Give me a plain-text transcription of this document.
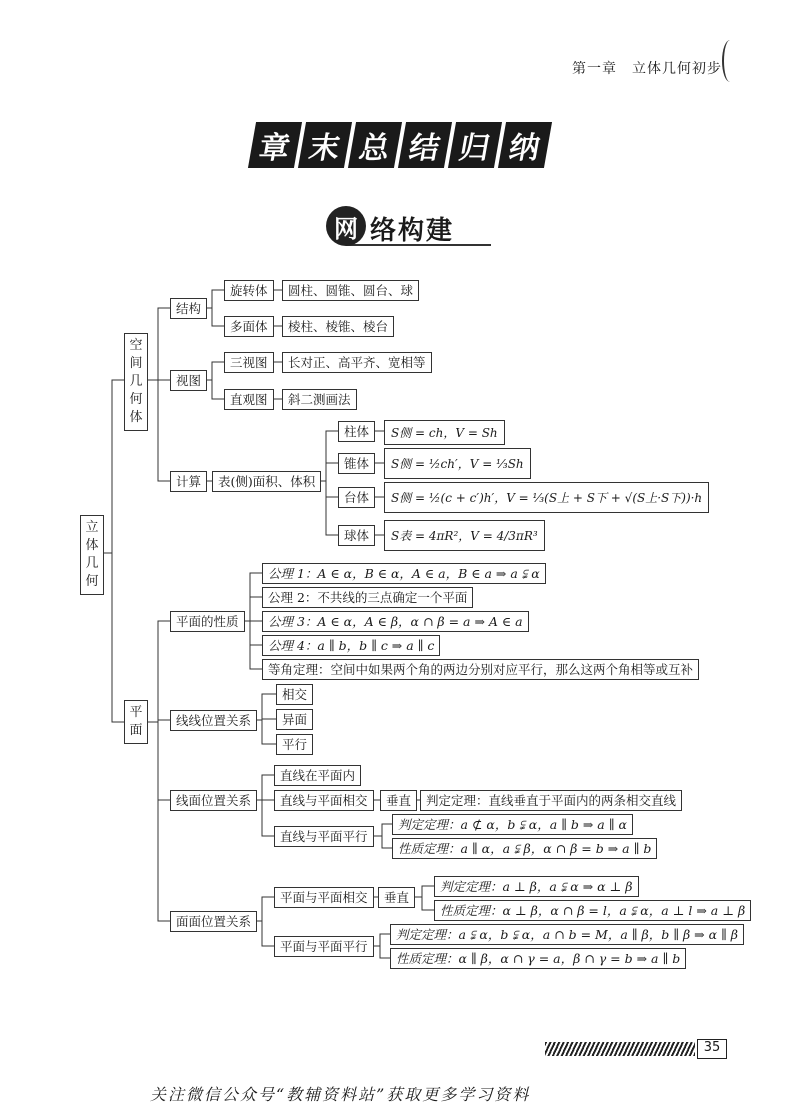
第一章　立体几何初步
章 末 总 结 归 纳
网 络构建
立体几何
空间几何体
结构
旋转体	圆柱、圆锥、圆台、球
多面体	棱柱、棱锥、棱台
视图
三视图	长对正、高平齐、宽相等
直观图	斜二测画法
计算	表(侧)面积、体积
柱体	S侧 = ch，V = Sh
锥体	S侧 = ½ch′，V = ⅓Sh
台体	S侧 = ½(c + c′)h′，V = ⅓(S上 + S下 + √(S上·S下))·h
球体	S表 = 4πR²，V = 4/3πR³
平面
平面的性质
公理 1：A ∈ α，B ∈ α，A ∈ a，B ∈ a ⇒ a ⫋ α
公理 2：不共线的三点确定一个平面
公理 3：A ∈ α，A ∈ β，α ∩ β = a ⇒ A ∈ a
公理 4：a ∥ b，b ∥ c ⇒ a ∥ c
等角定理：空间中如果两个角的两边分别对应平行，那么这两个角相等或互补
线线位置关系
相交
异面
平行
线面位置关系
直线在平面内
直线与平面相交	垂直	判定定理：直线垂直于平面内的两条相交直线
直线与平面平行
判定定理：a ⊄ α，b ⫋ α，a ∥ b ⇒ a ∥ α
性质定理：a ∥ α，a ⫋ β，α ∩ β = b ⇒ a ∥ b
面面位置关系
平面与平面相交	垂直
判定定理：a ⊥ β，a ⫋ α ⇒ α ⊥ β
性质定理：α ⊥ β，α ∩ β = l，a ⫋ α，a ⊥ l ⇒ a ⊥ β
平面与平面平行
判定定理：a ⫋ α，b ⫋ α，a ∩ b = M，a ∥ β，b ∥ β ⇒ α ∥ β
性质定理：α ∥ β，α ∩ γ = a，β ∩ γ = b ⇒ a ∥ b
35
关注微信公众号“教辅资料站”获取更多学习资料
